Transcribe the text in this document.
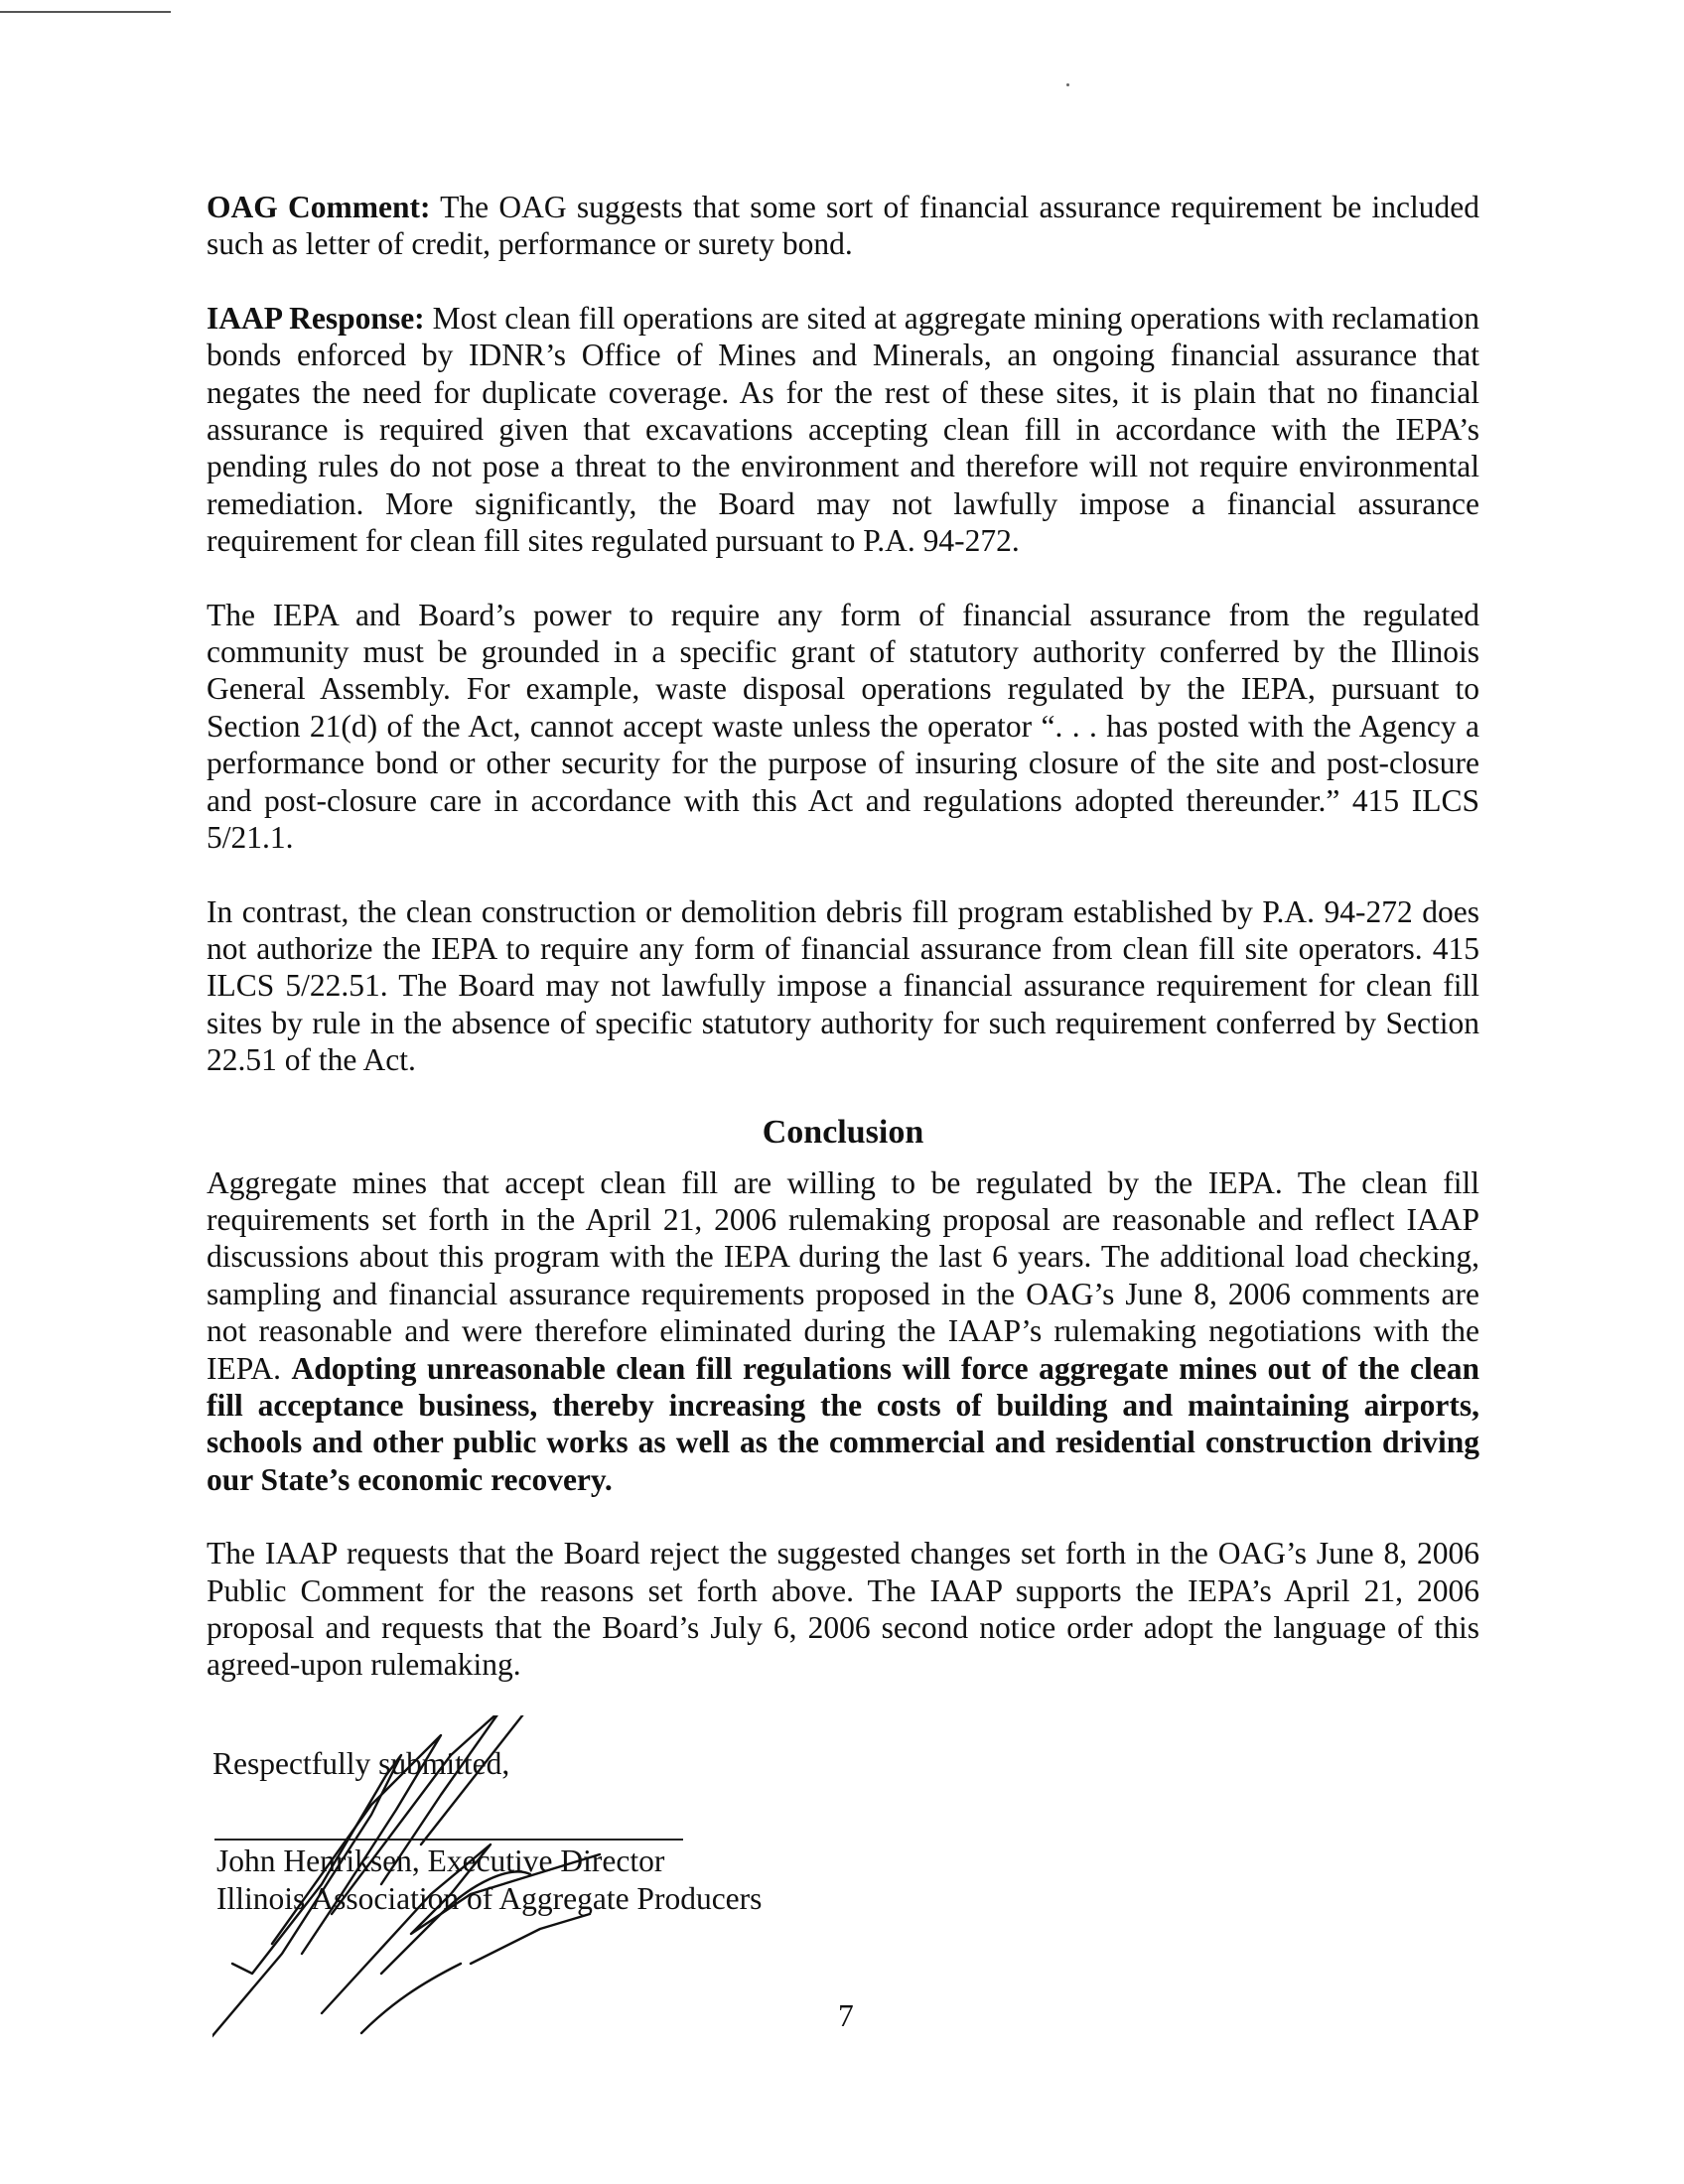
OAG Comment: The OAG suggests that some sort of financial assurance requirement be included such as letter of credit, performance or surety bond.

IAAP Response: Most clean fill operations are sited at aggregate mining operations with reclamation bonds enforced by IDNR’s Office of Mines and Minerals, an ongoing financial assurance that negates the need for duplicate coverage. As for the rest of these sites, it is plain that no financial assurance is required given that excavations accepting clean fill in accordance with the IEPA’s pending rules do not pose a threat to the environment and therefore will not require environmental remediation. More significantly, the Board may not lawfully impose a financial assurance requirement for clean fill sites regulated pursuant to P.A. 94-272.

The IEPA and Board’s power to require any form of financial assurance from the regulated community must be grounded in a specific grant of statutory authority conferred by the Illinois General Assembly. For example, waste disposal operations regulated by the IEPA, pursuant to Section 21(d) of the Act, cannot accept waste unless the operator “. . . has posted with the Agency a performance bond or other security for the purpose of insuring closure of the site and post-closure and post-closure care in accordance with this Act and regulations adopted thereunder.” 415 ILCS 5/21.1.

In contrast, the clean construction or demolition debris fill program established by P.A. 94-272 does not authorize the IEPA to require any form of financial assurance from clean fill site operators. 415 ILCS 5/22.51. The Board may not lawfully impose a financial assurance requirement for clean fill sites by rule in the absence of specific statutory authority for such requirement conferred by Section 22.51 of the Act.

Conclusion

Aggregate mines that accept clean fill are willing to be regulated by the IEPA. The clean fill requirements set forth in the April 21, 2006 rulemaking proposal are reasonable and reflect IAAP discussions about this program with the IEPA during the last 6 years. The additional load checking, sampling and financial assurance requirements proposed in the OAG’s June 8, 2006 comments are not reasonable and were therefore eliminated during the IAAP’s rulemaking negotiations with the IEPA. Adopting unreasonable clean fill regulations will force aggregate mines out of the clean fill acceptance business, thereby increasing the costs of building and maintaining airports, schools and other public works as well as the commercial and residential construction driving our State’s economic recovery.

The IAAP requests that the Board reject the suggested changes set forth in the OAG’s June 8, 2006 Public Comment for the reasons set forth above. The IAAP supports the IEPA’s April 21, 2006 proposal and requests that the Board’s July 6, 2006 second notice order adopt the language of this agreed-upon rulemaking.

Respectfully submitted,
John Henriksen, Executive Director
Illinois Association of Aggregate Producers
7
